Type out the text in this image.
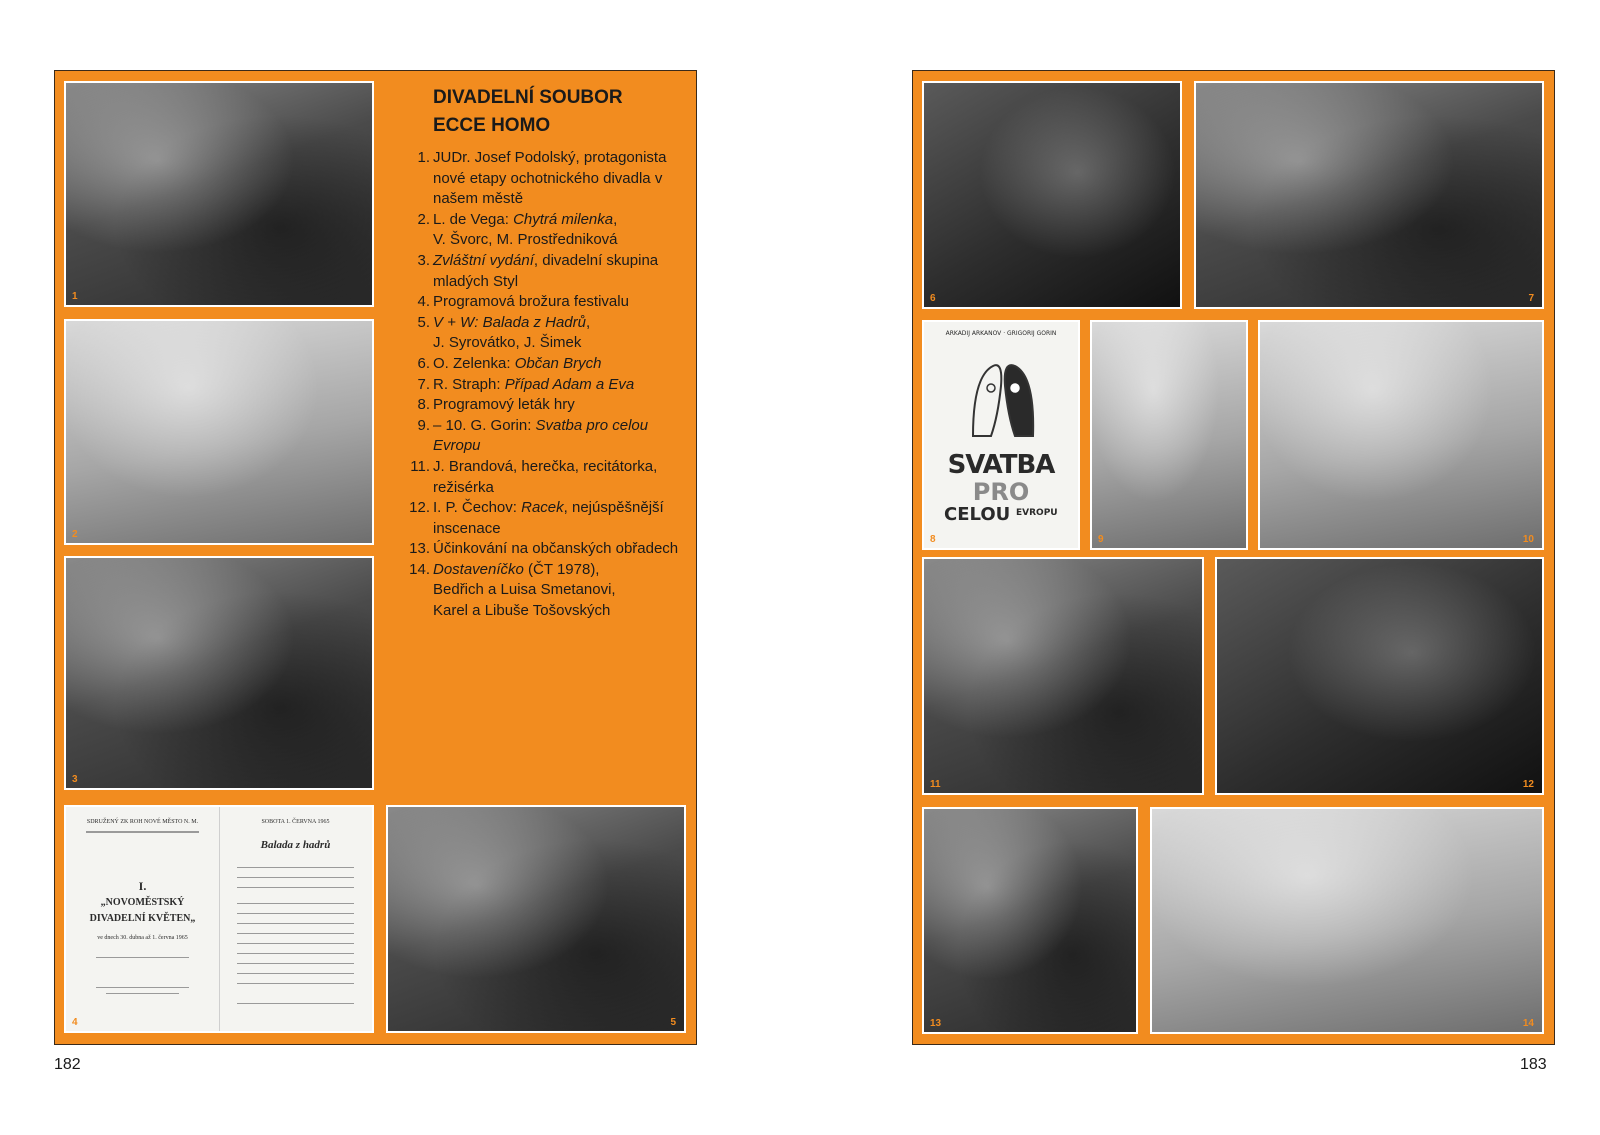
1
2
3
SDRUŽENÝ ZK ROH NOVÉ MĚSTO N. M.
I.
„NOVOMĚSTSKÝ
DIVADELNÍ KVĚTEN„
ve dnech 30. dubna až 1. června 1965
SOBOTA 1. ČERVNA 1965
Balada z hadrů
4	5
DIVADELNÍ SOUBOR
ECCE HOMO
1. JUDr. Josef Podolský, protagonista nové etapy ochotnického divadla v našem městě
2. L. de Vega: Chytrá milenka,
V. Švorc, M. Prostředniková
3. Zvláštní vydání, divadelní skupina mladých Styl
4. Programová brožura festivalu
5. V + W: Balada z Hadrů,
J. Syrovátko, J. Šimek
6. O. Zelenka: Občan Brych
7. R. Straph: Případ Adam a Eva
8. Programový leták hry
9. – 10. G. Gorin: Svatba pro celou Evropu
11. J. Brandová, herečka, recitátorka, režisérka
12. I. P. Čechov: Racek, nejúspěšnější inscenace
13. Účinkování na občanských obřadech
14. Dostaveníčko (ČT 1978),
Bedřich a Luisa Smetanovi,
Karel a Libuše Tošovských
182
6	7
ARKADIJ ARKANOV · GRIGORIJ GORIN
SVATBA
PRO
CELOU EVROPU
8	9	10
11	12
13	14
183
